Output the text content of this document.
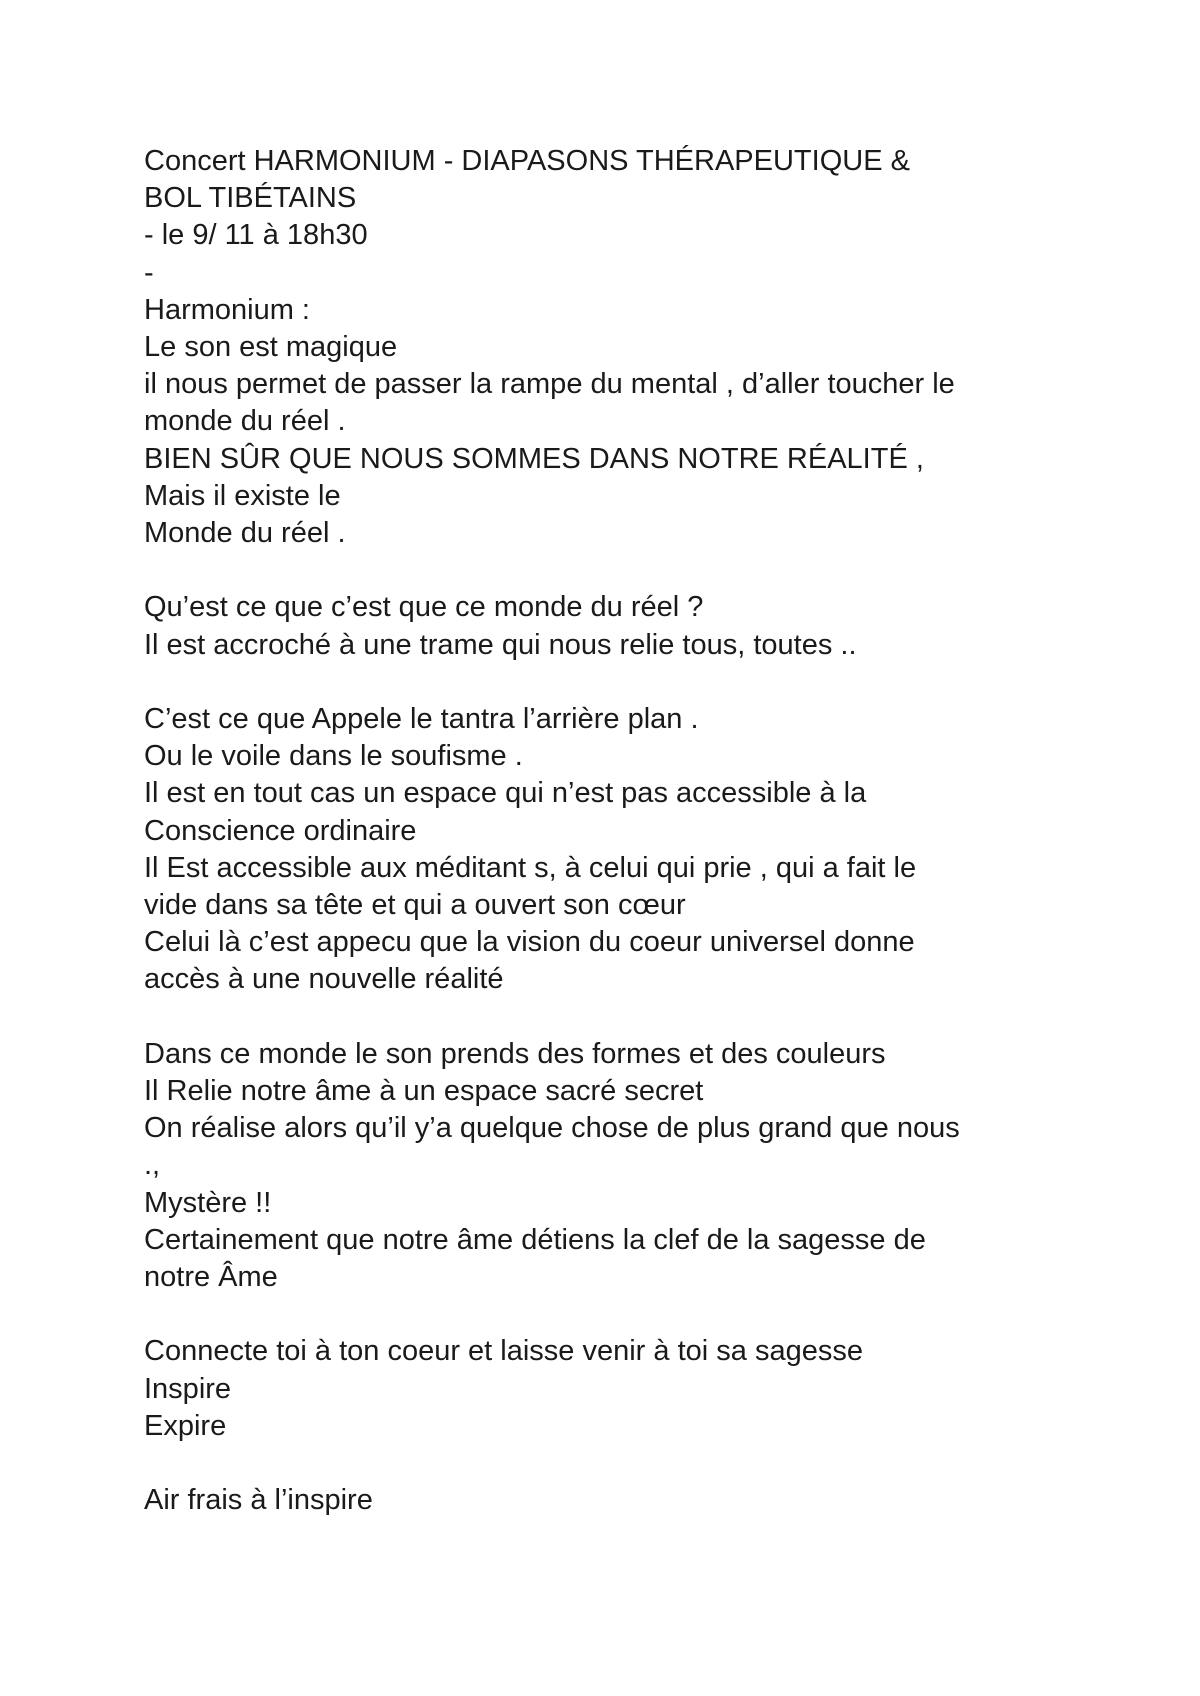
Concert HARMONIUM - DIAPASONS THÉRAPEUTIQUE &
BOL TIBÉTAINS
- le 9/ 11 à 18h30
-
Harmonium :
Le son est magique
il nous permet de passer la rampe du mental , d’aller toucher le
monde du réel .
BIEN SÛR QUE NOUS SOMMES DANS NOTRE RÉALITÉ ,
Mais il existe le
Monde du réel .
Qu’est ce que c’est que ce monde du réel ?
Il est accroché à une trame qui nous relie tous, toutes ..
C’est ce que Appele le tantra l’arrière plan .
Ou le voile dans le soufisme .
Il est en tout cas un espace qui n’est pas accessible à la
Conscience ordinaire
Il Est accessible aux méditant s, à celui qui prie , qui a fait le
vide dans sa tête et qui a ouvert son cœur
Celui là c’est appecu que la vision du coeur universel donne
accès à une nouvelle réalité
Dans ce monde le son prends des formes et des couleurs
Il Relie notre âme à un espace sacré secret
On réalise alors qu’il y’a quelque chose de plus grand que nous
.,
Mystère !!
Certainement que notre âme détiens la clef de la sagesse de
notre Âme
Connecte toi à ton coeur et laisse venir à toi sa sagesse
Inspire
Expire
Air frais à l’inspire
